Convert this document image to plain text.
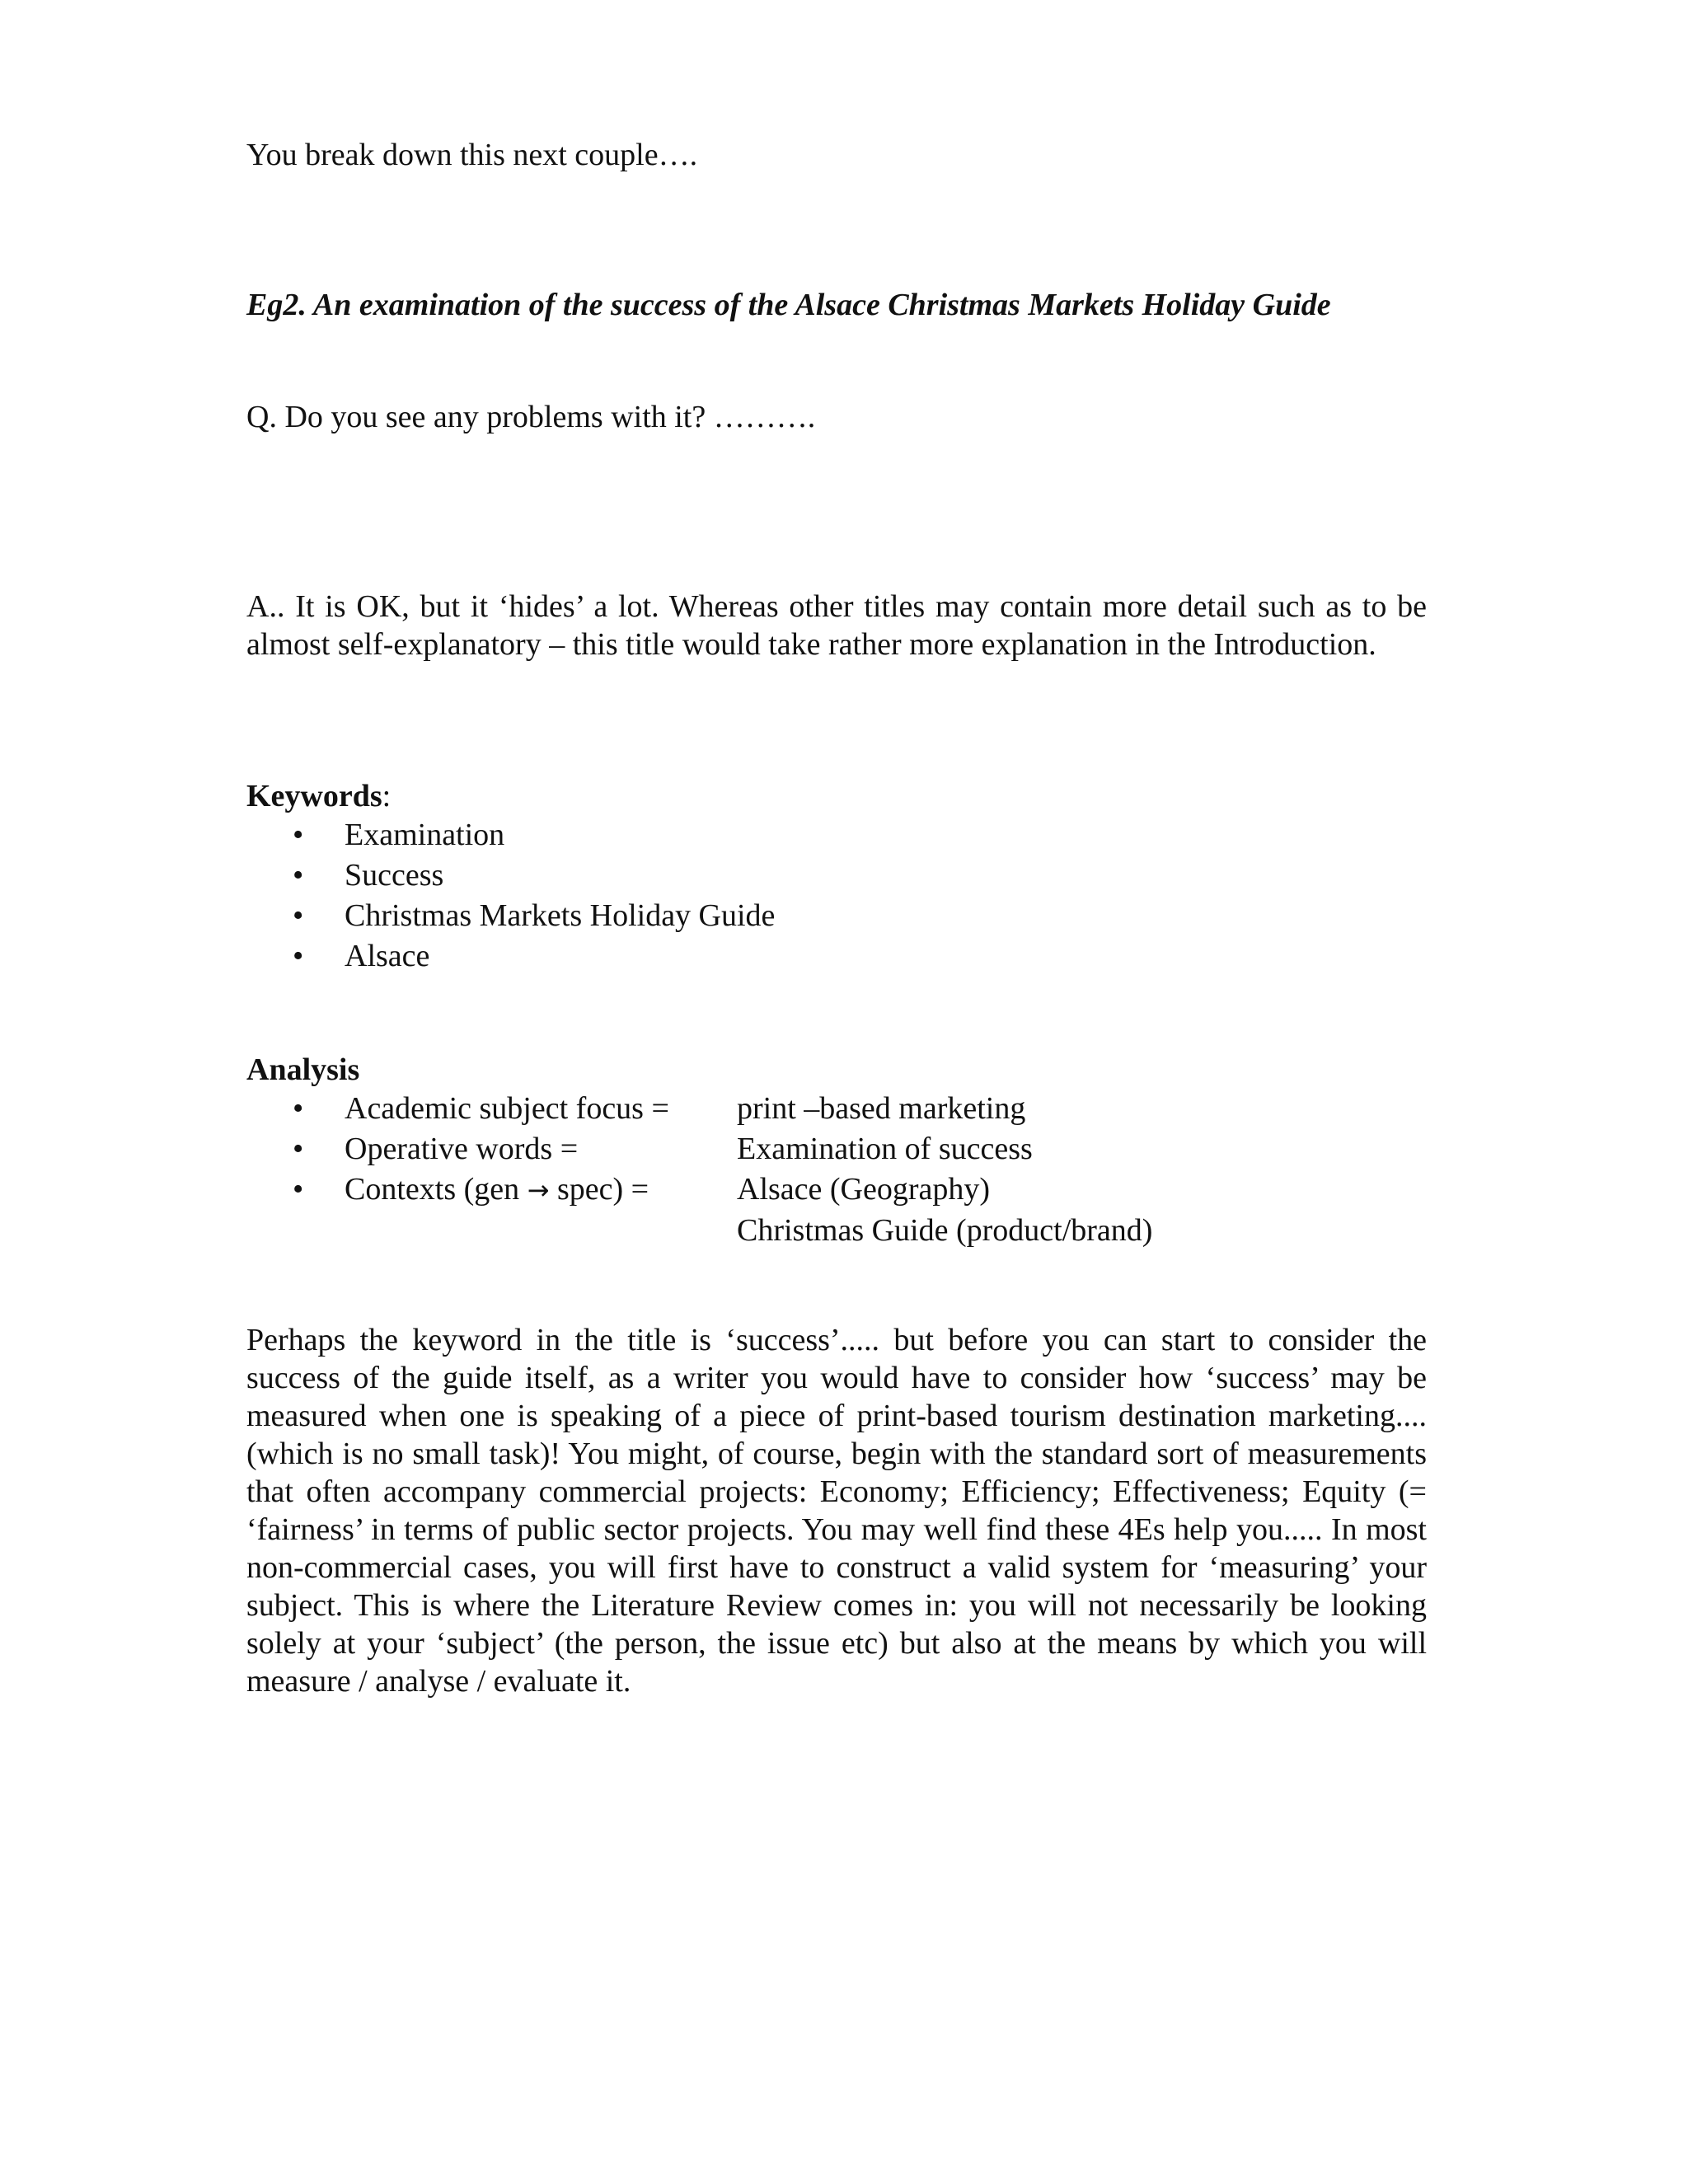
You break down this next couple….
Eg2. An examination of the success of the Alsace Christmas Markets Holiday Guide
Q. Do you see any problems with it? ……….
A.. It is OK, but it ‘hides’ a lot. Whereas other titles may contain more detail such as to be almost self-explanatory – this title would take rather more explanation in the Introduction.
Keywords:
• Examination
• Success
• Christmas Markets Holiday Guide
• Alsace
Analysis
• Academic subject focus = print –based marketing
• Operative words =	Examination of success
• Contexts (gen → spec) =	Alsace (Geography)
Christmas Guide (product/brand)
Perhaps the keyword in the title is ‘success’..... but before you can start to consider the success of the guide itself, as a writer you would have to consider how ‘success’ may be measured when one is speaking of a piece of print-based tourism destination marketing.... (which is no small task)! You might, of course, begin with the standard sort of measurements that often accompany commercial projects: Economy; Efficiency; Effectiveness; Equity (= ‘fairness’ in terms of public sector projects. You may well find these 4Es help you..... In most non-commercial cases, you will first have to construct a valid system for ‘measuring’ your subject. This is where the Literature Review comes in: you will not necessarily be looking solely at your ‘subject’ (the person, the issue etc) but also at the means by which you will measure / analyse / evaluate it.
